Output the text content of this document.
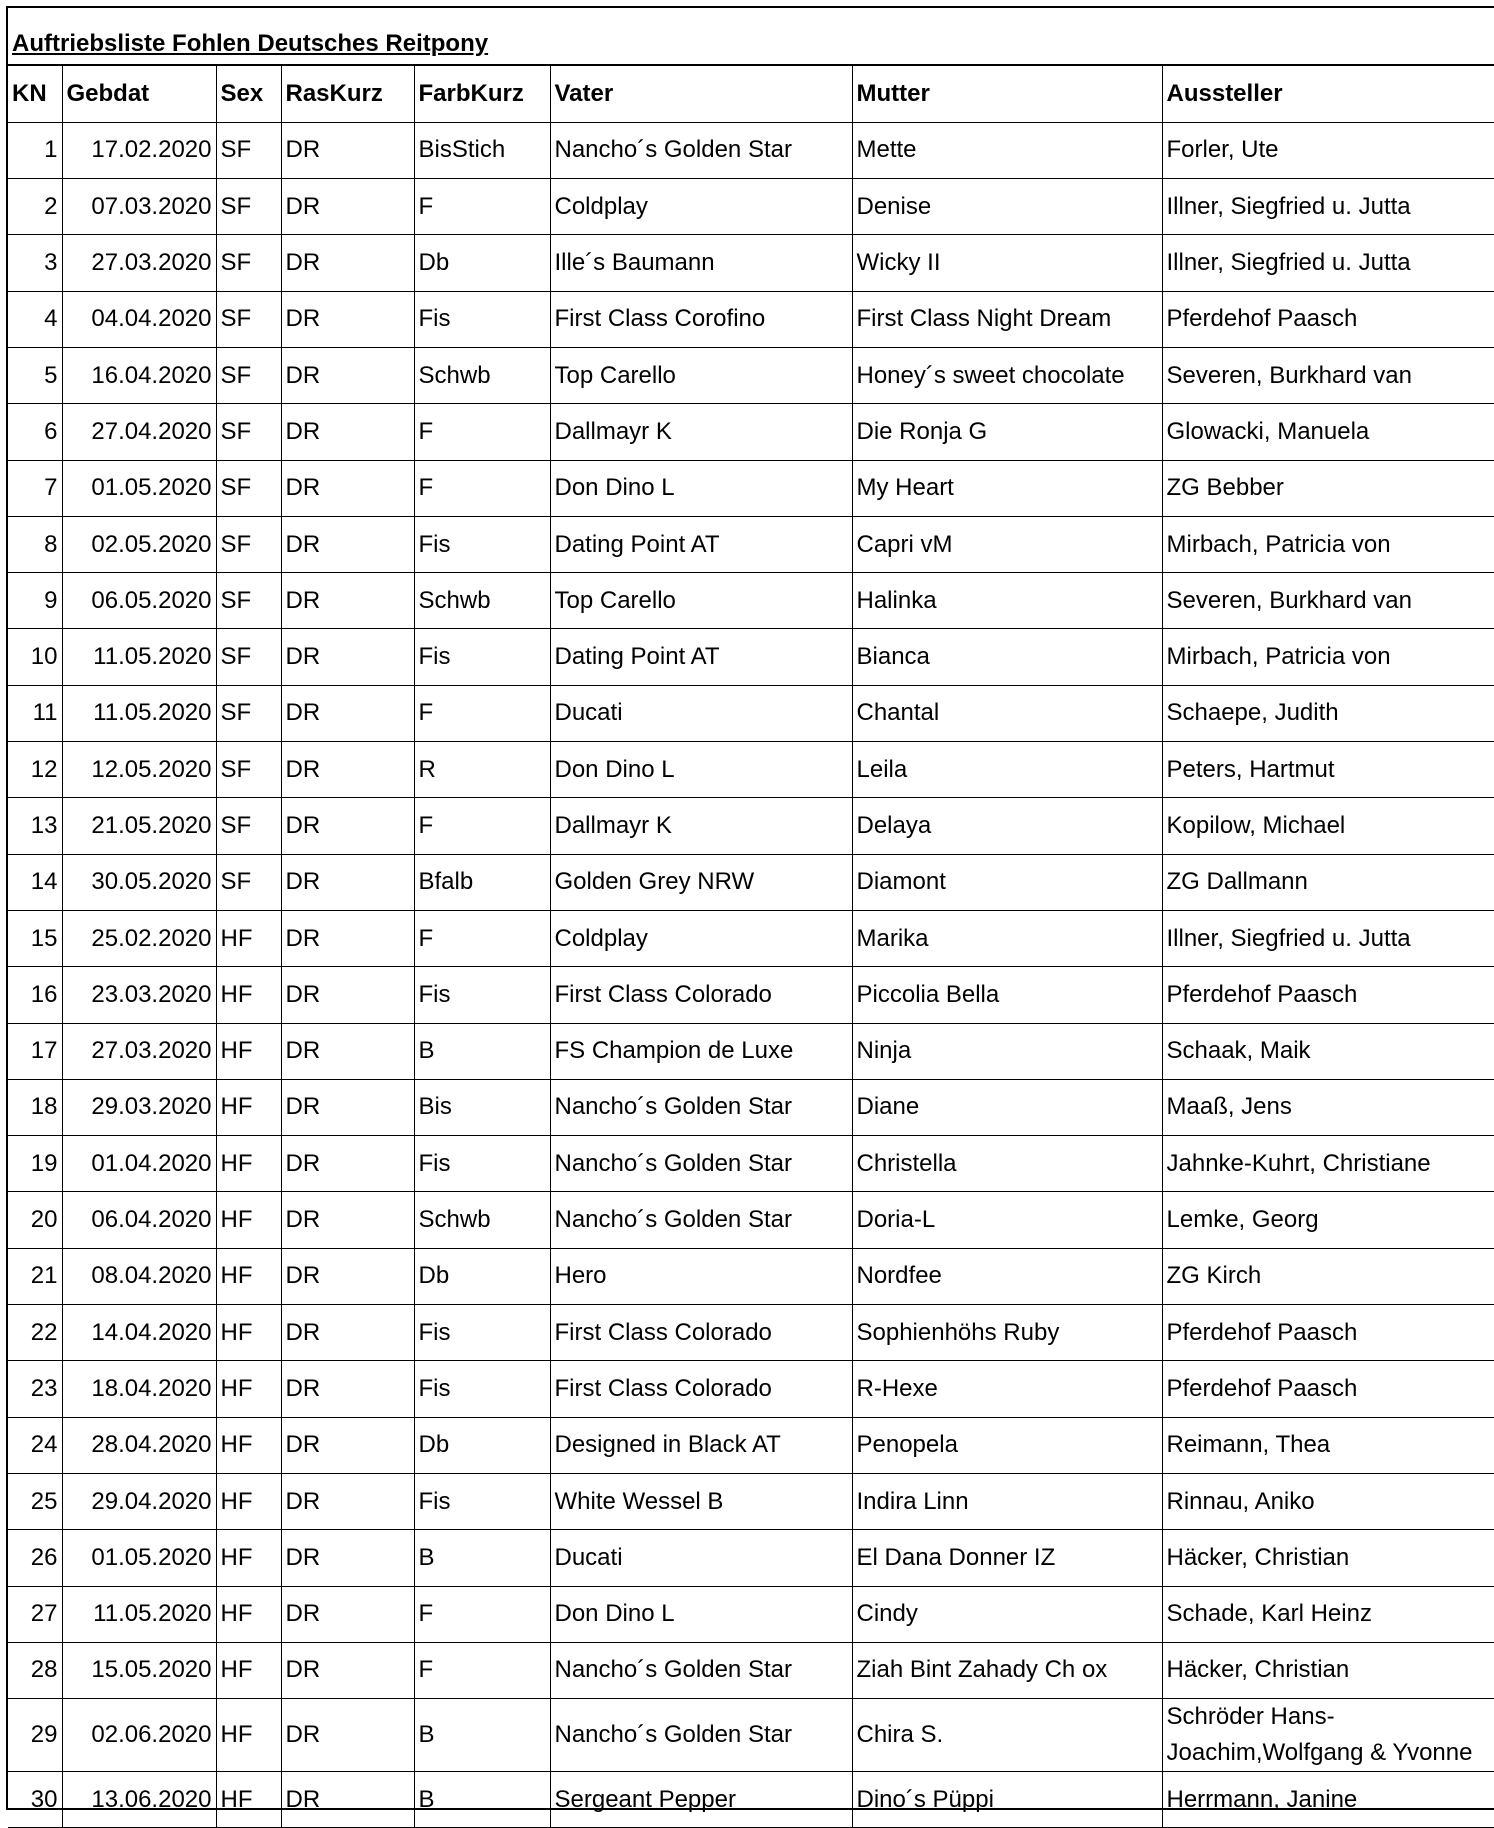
Auftriebsliste Fohlen Deutsches Reitpony
KN	Gebdat	Sex	RasKurz	FarbKurz	Vater	Mutter	Aussteller
1	17.02.2020	SF	DR	BisStich	Nancho´s Golden Star	Mette	Forler, Ute
2	07.03.2020	SF	DR	F	Coldplay	Denise	Illner, Siegfried u. Jutta
3	27.03.2020	SF	DR	Db	Ille´s Baumann	Wicky II	Illner, Siegfried u. Jutta
4	04.04.2020	SF	DR	Fis	First Class Corofino	First Class Night Dream	Pferdehof Paasch
5	16.04.2020	SF	DR	Schwb	Top Carello	Honey´s sweet chocolate	Severen, Burkhard van
6	27.04.2020	SF	DR	F	Dallmayr K	Die Ronja G	Glowacki, Manuela
7	01.05.2020	SF	DR	F	Don Dino L	My Heart	ZG Bebber
8	02.05.2020	SF	DR	Fis	Dating Point AT	Capri vM	Mirbach, Patricia von
9	06.05.2020	SF	DR	Schwb	Top Carello	Halinka	Severen, Burkhard van
10	11.05.2020	SF	DR	Fis	Dating Point AT	Bianca	Mirbach, Patricia von
11	11.05.2020	SF	DR	F	Ducati	Chantal	Schaepe, Judith
12	12.05.2020	SF	DR	R	Don Dino L	Leila	Peters, Hartmut
13	21.05.2020	SF	DR	F	Dallmayr K	Delaya	Kopilow, Michael
14	30.05.2020	SF	DR	Bfalb	Golden Grey NRW	Diamont	ZG Dallmann
15	25.02.2020	HF	DR	F	Coldplay	Marika	Illner, Siegfried u. Jutta
16	23.03.2020	HF	DR	Fis	First Class Colorado	Piccolia Bella	Pferdehof Paasch
17	27.03.2020	HF	DR	B	FS Champion de Luxe	Ninja	Schaak, Maik
18	29.03.2020	HF	DR	Bis	Nancho´s Golden Star	Diane	Maaß, Jens
19	01.04.2020	HF	DR	Fis	Nancho´s Golden Star	Christella	Jahnke-Kuhrt, Christiane
20	06.04.2020	HF	DR	Schwb	Nancho´s Golden Star	Doria-L	Lemke, Georg
21	08.04.2020	HF	DR	Db	Hero	Nordfee	ZG Kirch
22	14.04.2020	HF	DR	Fis	First Class Colorado	Sophienhöhs Ruby	Pferdehof Paasch
23	18.04.2020	HF	DR	Fis	First Class Colorado	R-Hexe	Pferdehof Paasch
24	28.04.2020	HF	DR	Db	Designed in Black AT	Penopela	Reimann, Thea
25	29.04.2020	HF	DR	Fis	White Wessel B	Indira Linn	Rinnau, Aniko
26	01.05.2020	HF	DR	B	Ducati	El Dana Donner IZ	Häcker, Christian
27	11.05.2020	HF	DR	F	Don Dino L	Cindy	Schade, Karl Heinz
28	15.05.2020	HF	DR	F	Nancho´s Golden Star	Ziah Bint Zahady Ch ox	Häcker, Christian
29	02.06.2020	HF	DR	B	Nancho´s Golden Star	Chira S.	Schröder Hans-Joachim,Wolfgang & Yvonne
30	13.06.2020	HF	DR	B	Sergeant Pepper	Dino´s Püppi	Herrmann, Janine
